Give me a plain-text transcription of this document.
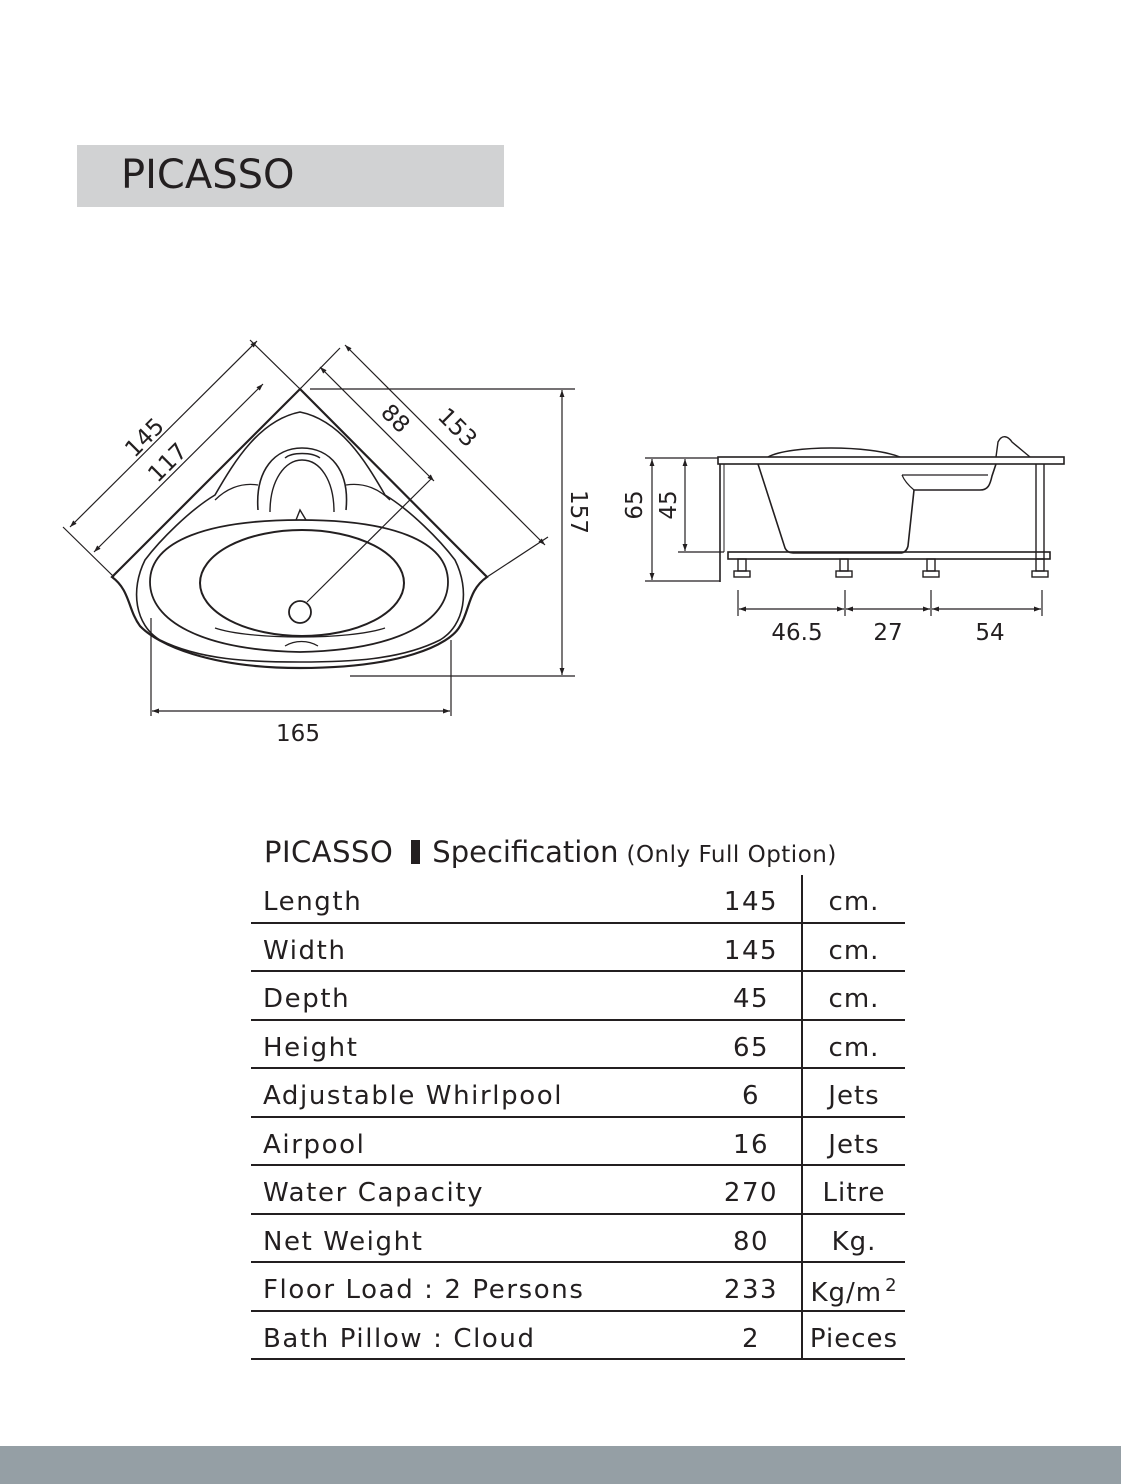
PICASSO
165
157
145
117
88 153
65 45
46.5 27	54
PICASSO Specification (Only Full Option)
Length	145	cm.
Width	145	cm.
Depth	45	cm.
Height	65	cm.
Adjustable Whirlpool	6	Jets
Airpool	16	Jets
Water Capacity	270	Litre
Net Weight	80	Kg.
Floor Load : 2 Persons	233	Kg/m $^2$
Bath Pillow : Cloud	2	Pieces
